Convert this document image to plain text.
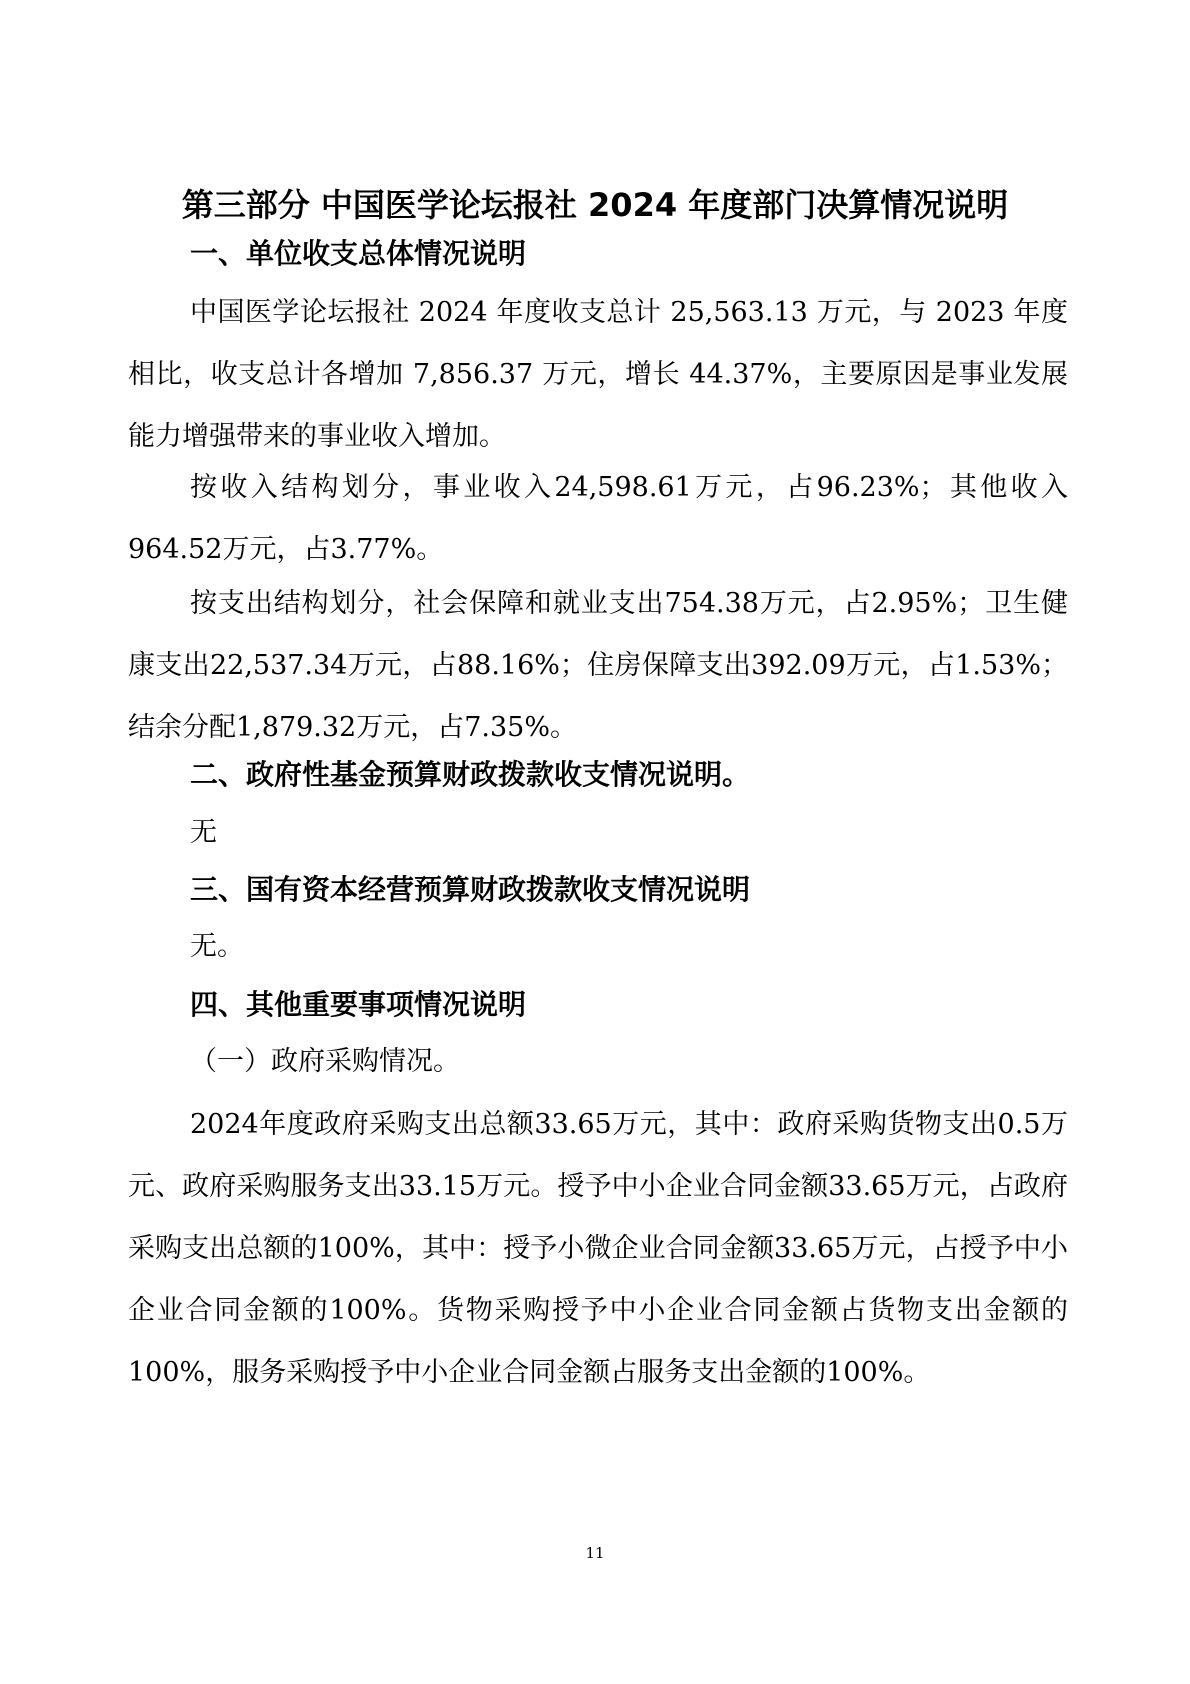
第三部分 中国医学论坛报社 2024 年度部门决算情况说明
一、单位收支总体情况说明
中国医学论坛报社 2024 年度收支总计 25,563.13 万元，与 2023 年度相比，收支总计各增加 7,856.37 万元，增长 44.37%，主要原因是事业发展能力增强带来的事业收入增加。
按收入结构划分，事业收入24,598.61万元，占96.23%；其他收入964.52万元，占3.77%。
按支出结构划分，社会保障和就业支出754.38万元，占2.95%；卫生健康支出22,537.34万元，占88.16%；住房保障支出392.09万元，占1.53%；结余分配1,879.32万元，占7.35%。
二、政府性基金预算财政拨款收支情况说明。
无
三、国有资本经营预算财政拨款收支情况说明
无。
四、其他重要事项情况说明
（一）政府采购情况。
2024年度政府采购支出总额33.65万元，其中：政府采购货物支出0.5万元、政府采购服务支出33.15万元。授予中小企业合同金额33.65万元，占政府采购支出总额的100%，其中：授予小微企业合同金额33.65万元，占授予中小企业合同金额的100%。货物采购授予中小企业合同金额占货物支出金额的100%，服务采购授予中小企业合同金额占服务支出金额的100%。
11
